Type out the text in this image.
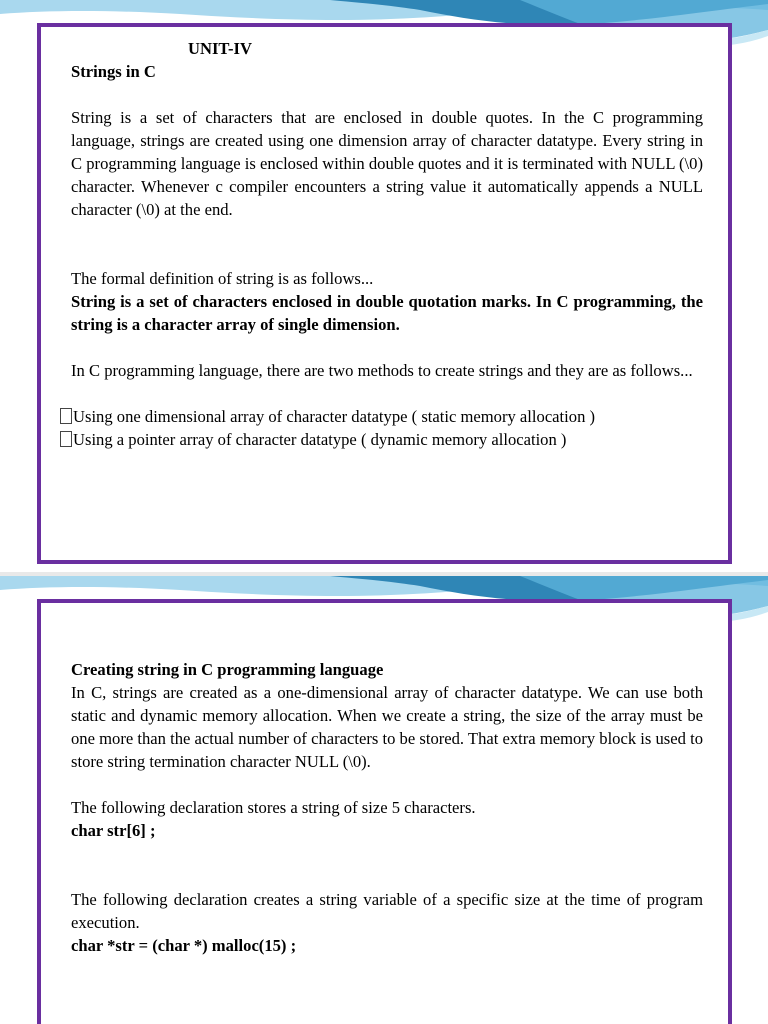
UNIT-IV
Strings in C
String is a set of characters that are enclosed in double quotes. In the C programming language, strings are created using one dimension array of character datatype. Every string in C programming language is enclosed within double quotes and it is terminated with NULL (\0) character. Whenever c compiler encounters a string value it automatically appends a NULL character (\0) at the end.
The formal definition of string is as follows...
String is a set of characters enclosed in double quotation marks. In C programming, the string is a character array of single dimension.
In C programming language, there are two methods to create strings and they are as follows...
Using one dimensional array of character datatype ( static memory allocation )
Using a pointer array of character datatype ( dynamic memory allocation )
Creating string in C programming language
In C, strings are created as a one-dimensional array of character datatype. We can use both static and dynamic memory allocation. When we create a string, the size of the array must be one more than the actual number of characters to be stored. That extra memory block is used to store string termination character NULL (\0).
The following declaration stores a string of size 5 characters.
char str[6] ;
The following declaration creates a string variable of a specific size at the time of program execution.
char *str = (char *) malloc(15) ;
